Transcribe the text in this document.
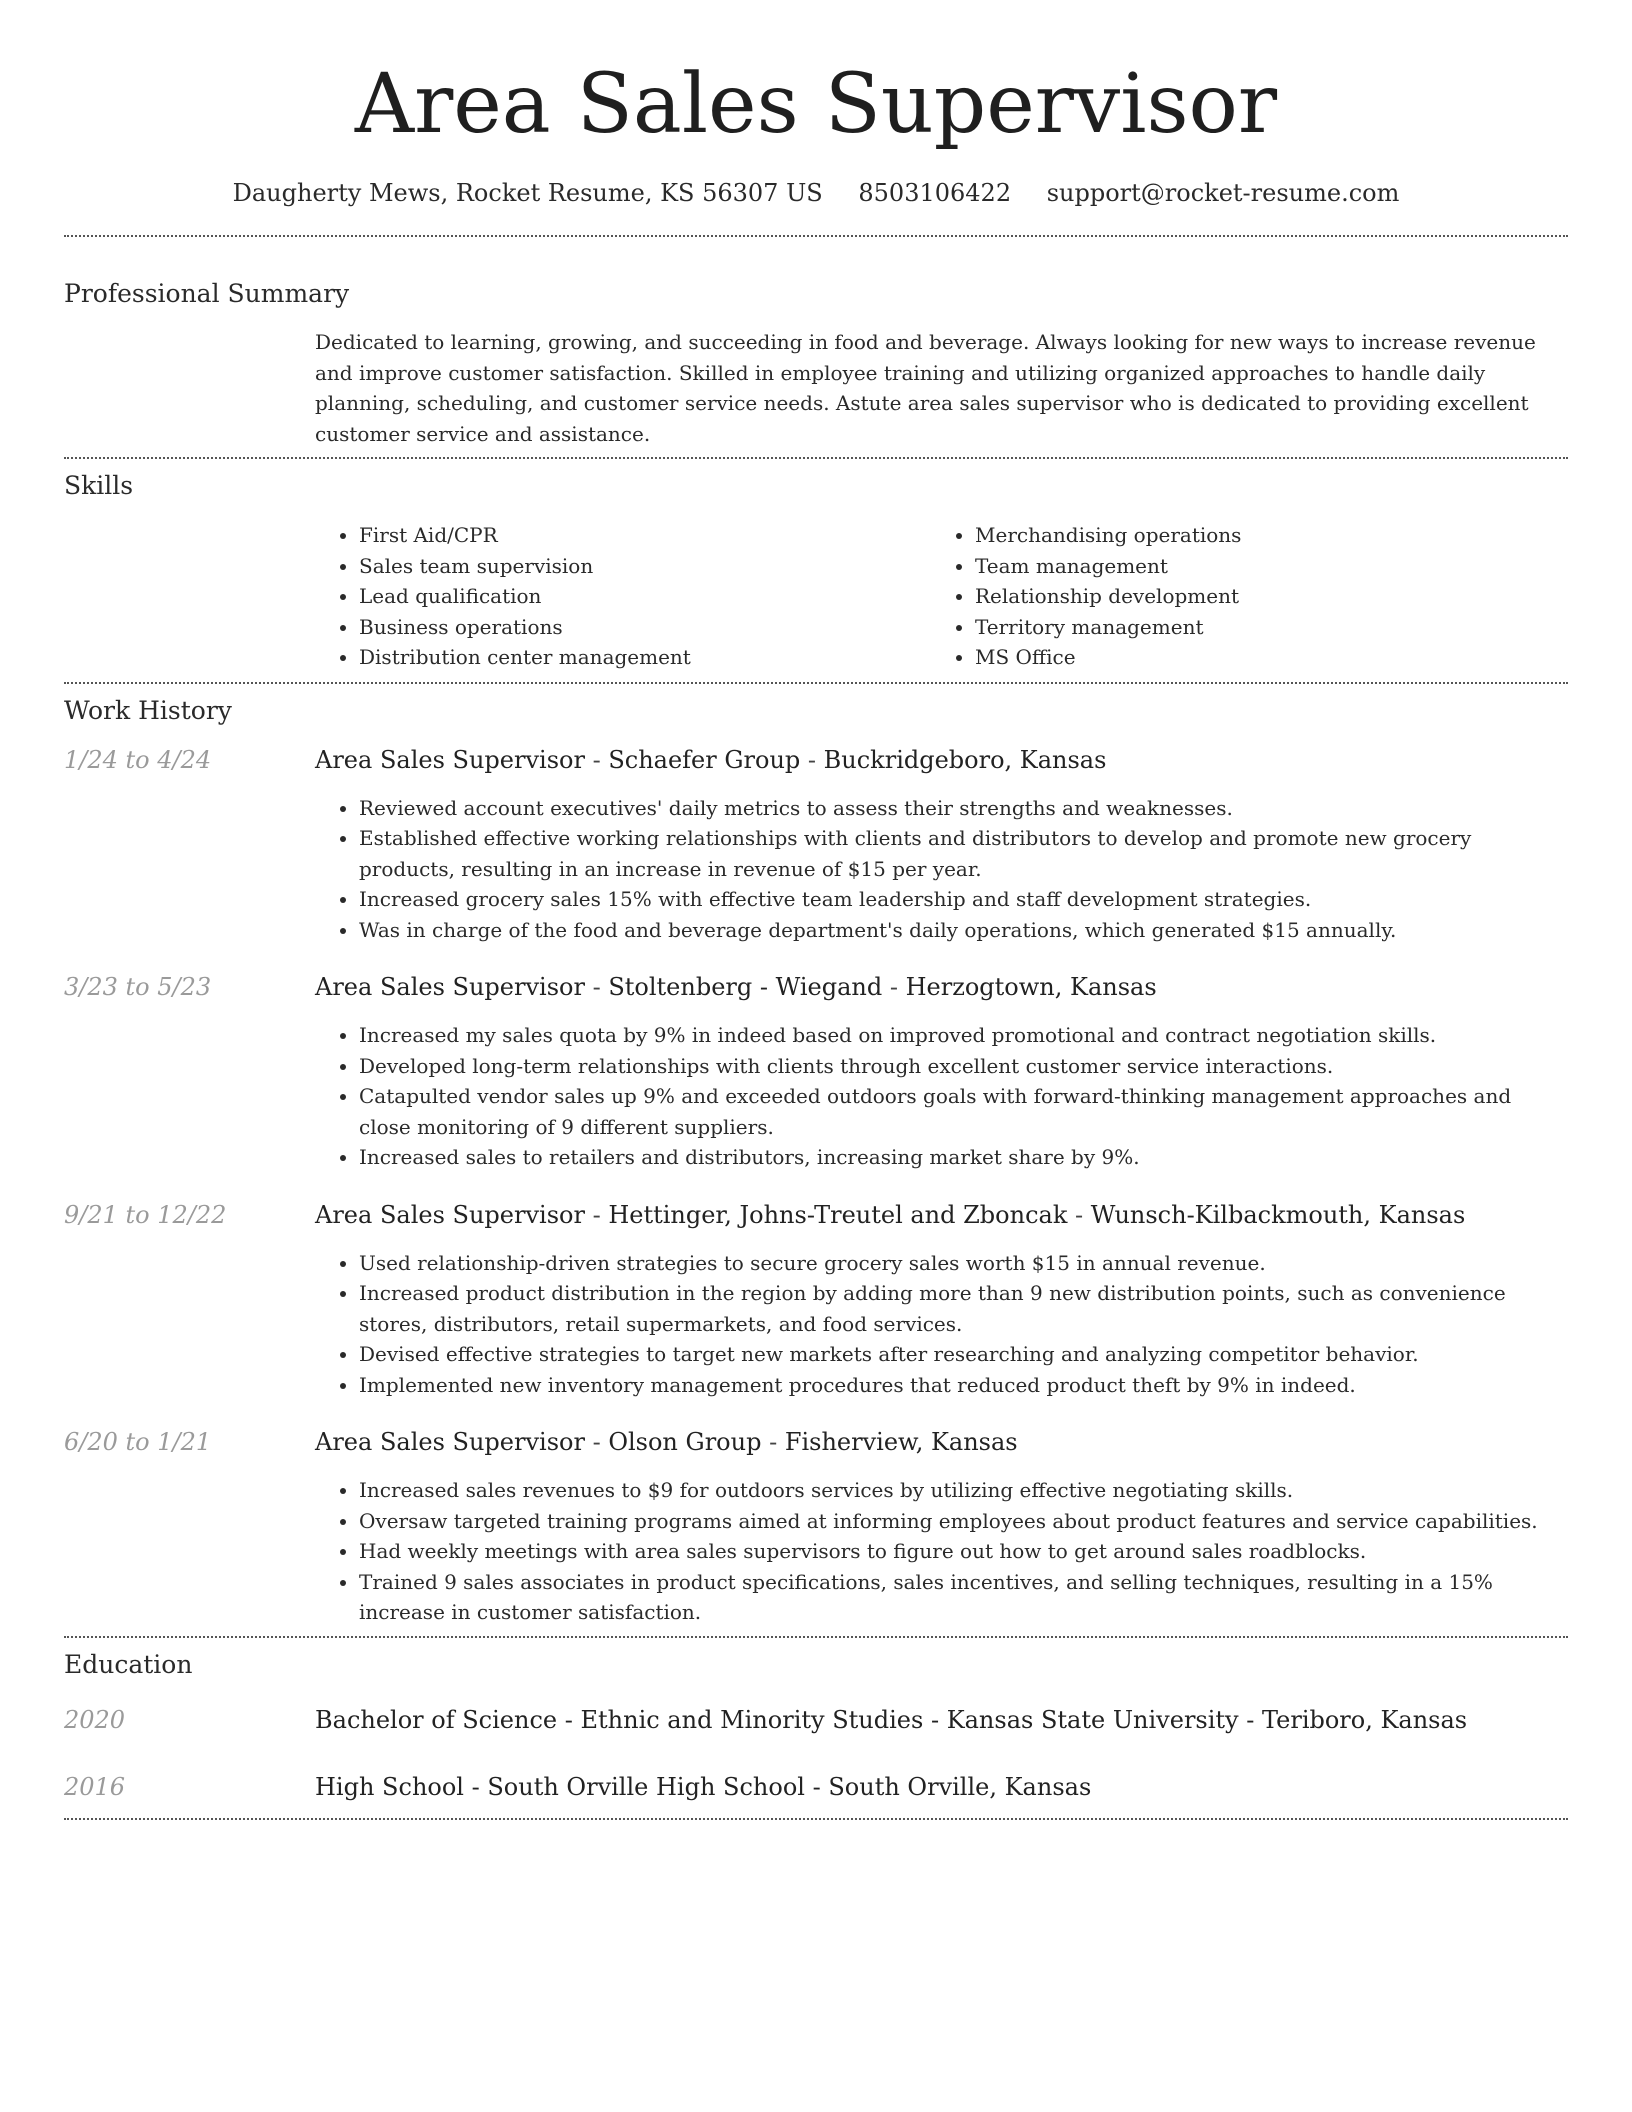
Area Sales Supervisor
Daugherty Mews, Rocket Resume, KS 56307 US 8503106422 support@rocket-resume.com
Professional Summary
Dedicated to learning, growing, and succeeding in food and beverage. Always looking for new ways to increase revenue and improve customer satisfaction. Skilled in employee training and utilizing organized approaches to handle daily planning, scheduling, and customer service needs. Astute area sales supervisor who is dedicated to providing excellent customer service and assistance.
Skills
• First Aid/CPR
• Sales team supervision
• Lead qualification
• Business operations
• Distribution center management
• Merchandising operations
• Team management
• Relationship development
• Territory management
• MS Office
Work History
1/24 to 4/24	Area Sales Supervisor - Schaefer Group - Buckridgeboro, Kansas
• Reviewed account executives' daily metrics to assess their strengths and weaknesses.
• Established effective working relationships with clients and distributors to develop and promote new grocery products, resulting in an increase in revenue of $15 per year.
• Increased grocery sales 15% with effective team leadership and staff development strategies.
• Was in charge of the food and beverage department's daily operations, which generated $15 annually.
3/23 to 5/23	Area Sales Supervisor - Stoltenberg - Wiegand - Herzogtown, Kansas
• Increased my sales quota by 9% in indeed based on improved promotional and contract negotiation skills.
• Developed long-term relationships with clients through excellent customer service interactions.
• Catapulted vendor sales up 9% and exceeded outdoors goals with forward-thinking management approaches and close monitoring of 9 different suppliers.
• Increased sales to retailers and distributors, increasing market share by 9%.
9/21 to 12/22	Area Sales Supervisor - Hettinger, Johns-Treutel and Zboncak - Wunsch-Kilbackmouth, Kansas
• Used relationship-driven strategies to secure grocery sales worth $15 in annual revenue.
• Increased product distribution in the region by adding more than 9 new distribution points, such as convenience stores, distributors, retail supermarkets, and food services.
• Devised effective strategies to target new markets after researching and analyzing competitor behavior.
• Implemented new inventory management procedures that reduced product theft by 9% in indeed.
6/20 to 1/21	Area Sales Supervisor - Olson Group - Fisherview, Kansas
• Increased sales revenues to $9 for outdoors services by utilizing effective negotiating skills.
• Oversaw targeted training programs aimed at informing employees about product features and service capabilities.
• Had weekly meetings with area sales supervisors to figure out how to get around sales roadblocks.
• Trained 9 sales associates in product specifications, sales incentives, and selling techniques, resulting in a 15% increase in customer satisfaction.
Education
2020	Bachelor of Science - Ethnic and Minority Studies - Kansas State University - Teriboro, Kansas
2016	High School - South Orville High School - South Orville, Kansas
